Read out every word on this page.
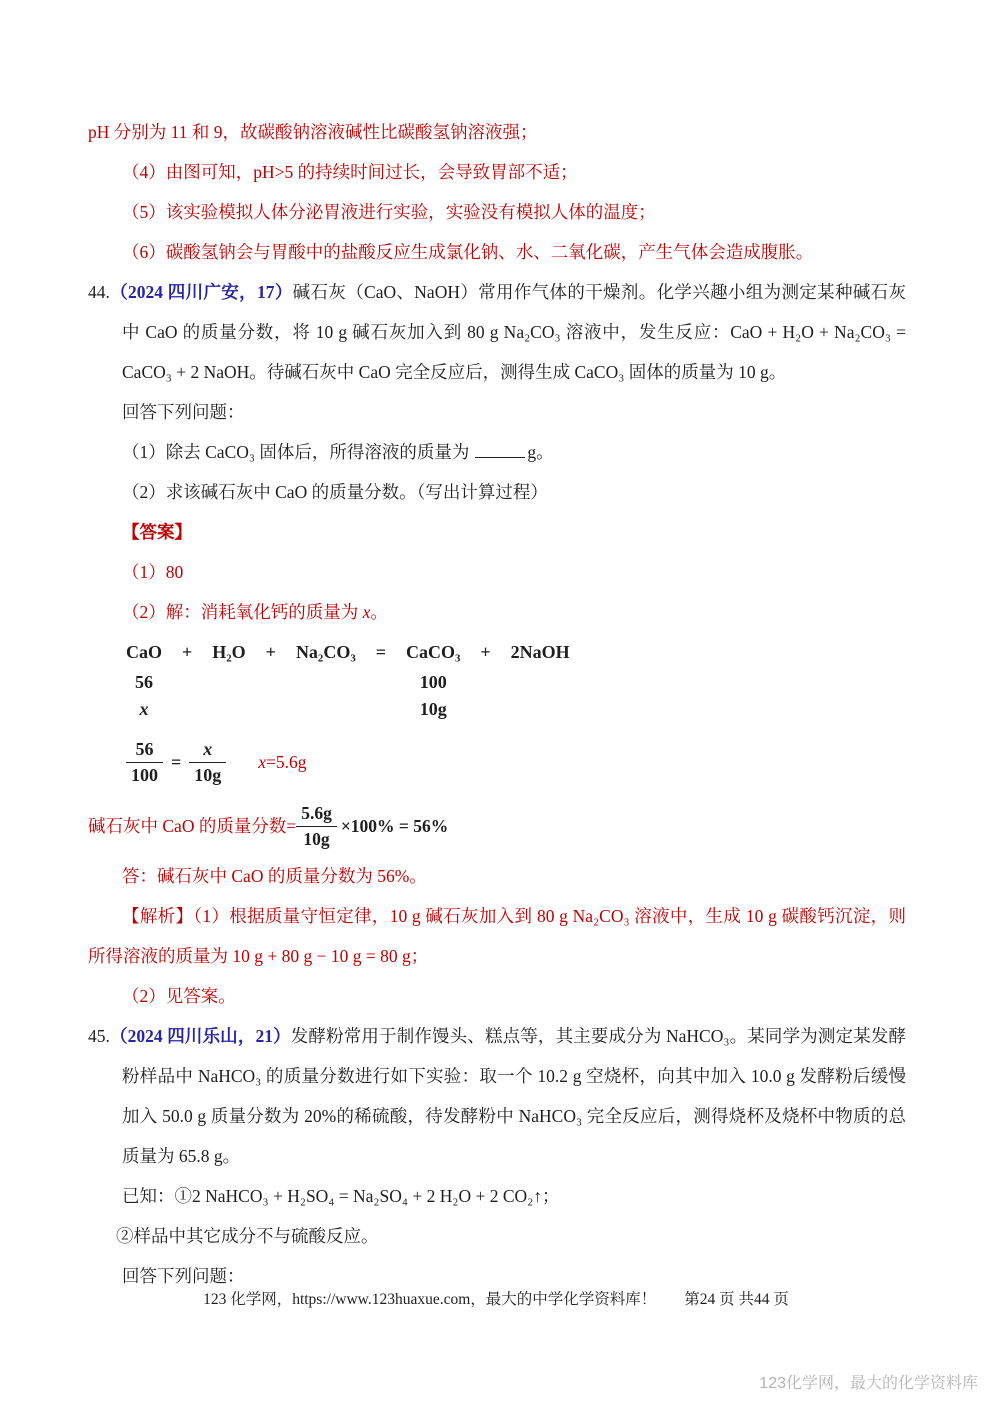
pH 分别为 11 和 9，故碳酸钠溶液碱性比碳酸氢钠溶液强；
（4）由图可知，pH>5 的持续时间过长，会导致胃部不适；
（5）该实验模拟人体分泌胃液进行实验，实验没有模拟人体的温度；
（6）碳酸氢钠会与胃酸中的盐酸反应生成氯化钠、水、二氧化碳，产生气体会造成腹胀。
44.（2024 四川广安，17）碱石灰（CaO、NaOH）常用作气体的干燥剂。化学兴趣小组为测定某种碱石灰中 CaO 的质量分数，将 10 g 碱石灰加入到 80 g Na₂CO₃ 溶液中，发生反应：CaO + H₂O + Na₂CO₃ = CaCO₃ + 2 NaOH。待碱石灰中 CaO 完全反应后，测得生成 CaCO₃ 固体的质量为 10 g。
回答下列问题：
（1）除去 CaCO₃ 固体后，所得溶液的质量为	g。
（2）求该碱石灰中 CaO 的质量分数。（写出计算过程）
【答案】
（1）80
（2）解：消耗氧化钙的质量为 x。
CaO
56
x
+ H₂O + Na₂CO₃ = CaCO₃
100
10g
+ 2NaOH
$\frac{56}{100} = \frac{x}{10g} x=5.6g$
碱石灰中 CaO 的质量分数= $\frac{5.6g}{10g} \times 100\% = 56\%$
答：碱石灰中 CaO 的质量分数为 56%。
【解析】（1）根据质量守恒定律，10 g 碱石灰加入到 80 g Na₂CO₃ 溶液中，生成 10 g 碳酸钙沉淀，则所得溶液的质量为 10 g + 80 g − 10 g = 80 g；
（2）见答案。
45.（2024 四川乐山，21）发酵粉常用于制作馒头、糕点等，其主要成分为 NaHCO₃。某同学为测定某发酵粉样品中 NaHCO₃ 的质量分数进行如下实验：取一个 10.2 g 空烧杯，向其中加入 10.0 g 发酵粉后缓慢加入 50.0 g 质量分数为 20%的稀硫酸，待发酵粉中 NaHCO₃ 完全反应后，测得烧杯及烧杯中物质的总质量为 65.8 g。
已知：①2 NaHCO₃ + H₂SO₄ = Na₂SO₄ + 2 H₂O + 2 CO₂↑；
②样品中其它成分不与硫酸反应。
回答下列问题：
123 化学网，https://www.123huaxue.com，最大的中学化学资料库！ 第24 页 共44 页
123化学网，最大的化学资料库
